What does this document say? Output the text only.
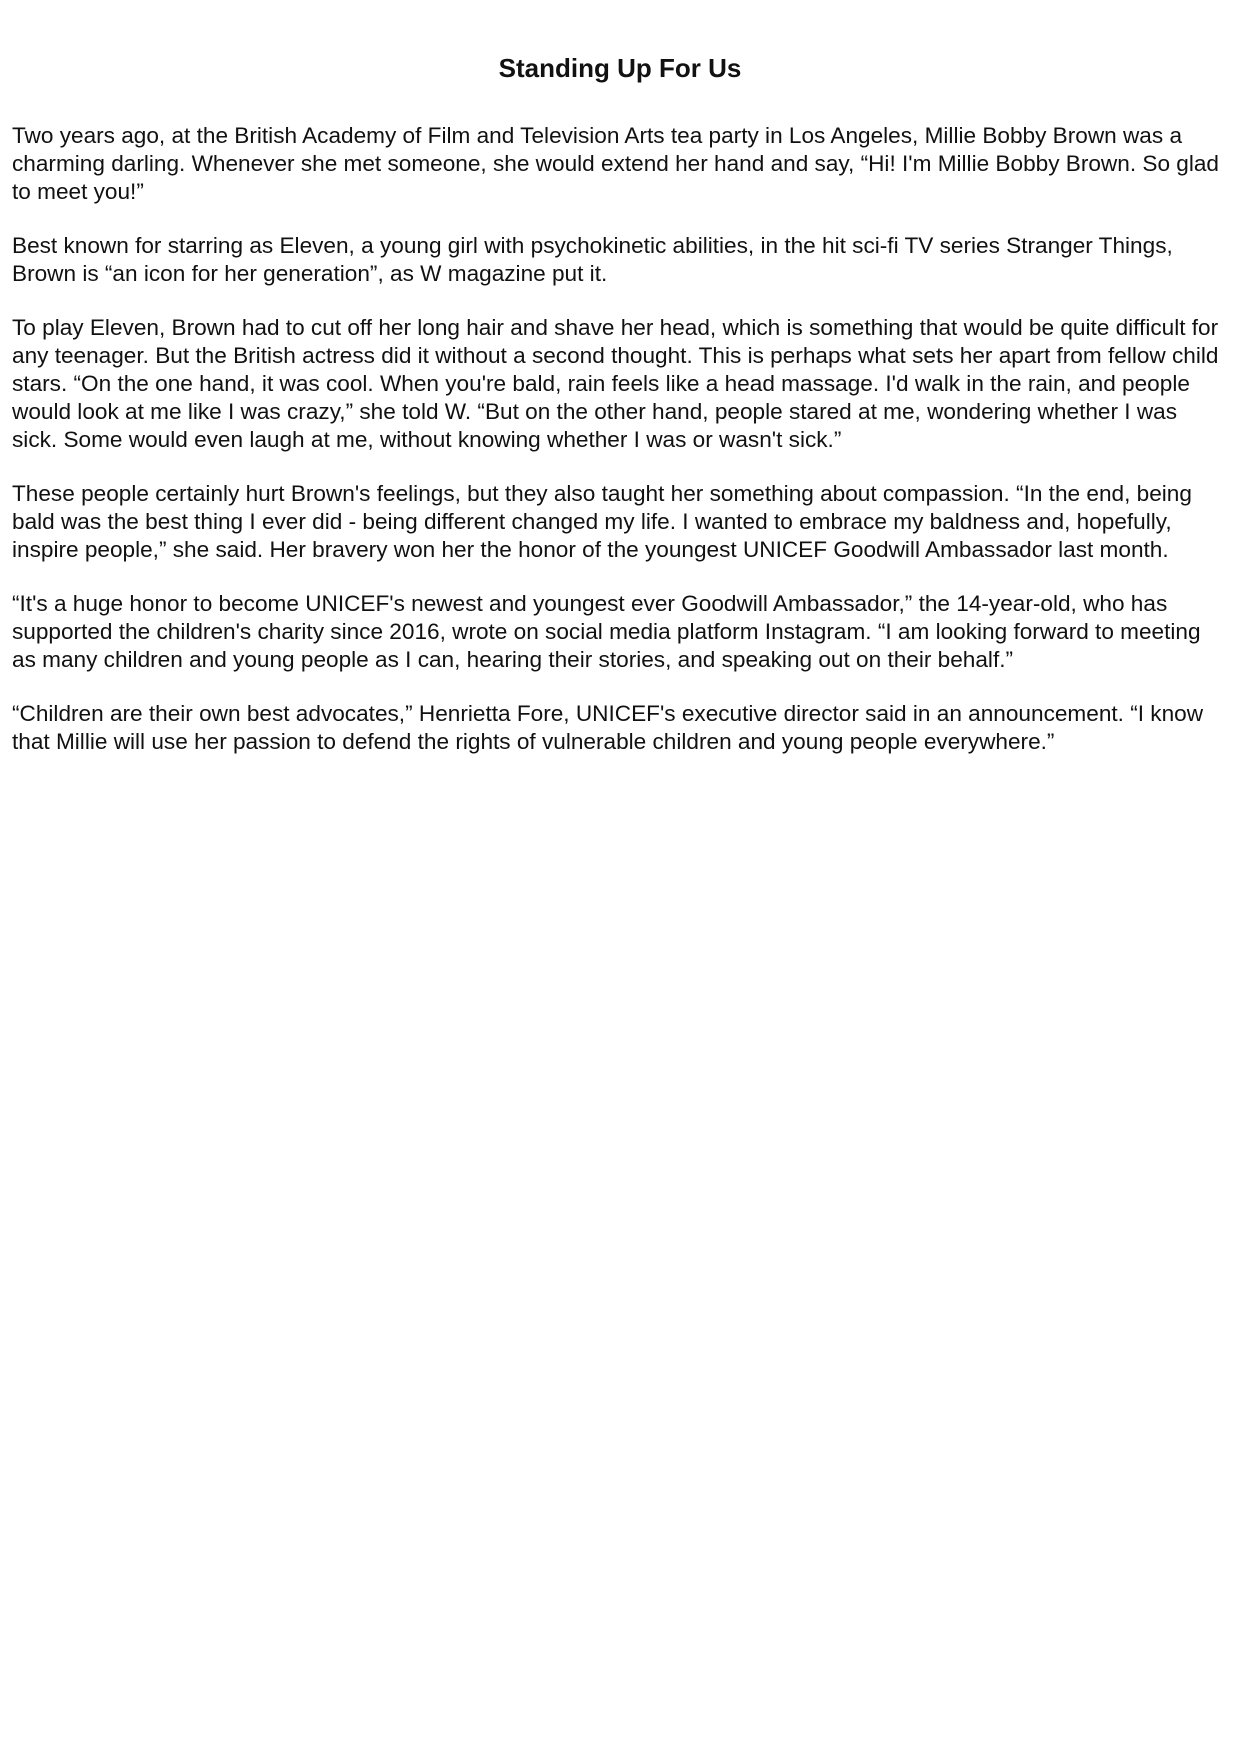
Standing Up For Us

Two years ago, at the British Academy of Film and Television Arts tea party in Los Angeles, Millie Bobby Brown was a charming darling. Whenever she met someone, she would extend her hand and say, “Hi! I'm Millie Bobby Brown. So glad to meet you!”

Best known for starring as Eleven, a young girl with psychokinetic abilities, in the hit sci-fi TV series Stranger Things, Brown is “an icon for her generation”, as W magazine put it.

To play Eleven, Brown had to cut off her long hair and shave her head, which is something that would be quite difficult for any teenager. But the British actress did it without a second thought. This is perhaps what sets her apart from fellow child stars. “On the one hand, it was cool. When you're bald, rain feels like a head massage. I'd walk in the rain, and people would look at me like I was crazy,” she told W. “But on the other hand, people stared at me, wondering whether I was sick. Some would even laugh at me, without knowing whether I was or wasn't sick.”

These people certainly hurt Brown's feelings, but they also taught her something about compassion. “In the end, being bald was the best thing I ever did - being different changed my life. I wanted to embrace my baldness and, hopefully, inspire people,” she said. Her bravery won her the honor of the youngest UNICEF Goodwill Ambassador last month.

“It's a huge honor to become UNICEF's newest and youngest ever Goodwill Ambassador,” the 14-year-old, who has supported the children's charity since 2016, wrote on social media platform Instagram. “I am looking forward to meeting as many children and young people as I can, hearing their stories, and speaking out on their behalf.”

“Children are their own best advocates,” Henrietta Fore, UNICEF's executive director said in an announcement. “I know that Millie will use her passion to defend the rights of vulnerable children and young people everywhere.”
